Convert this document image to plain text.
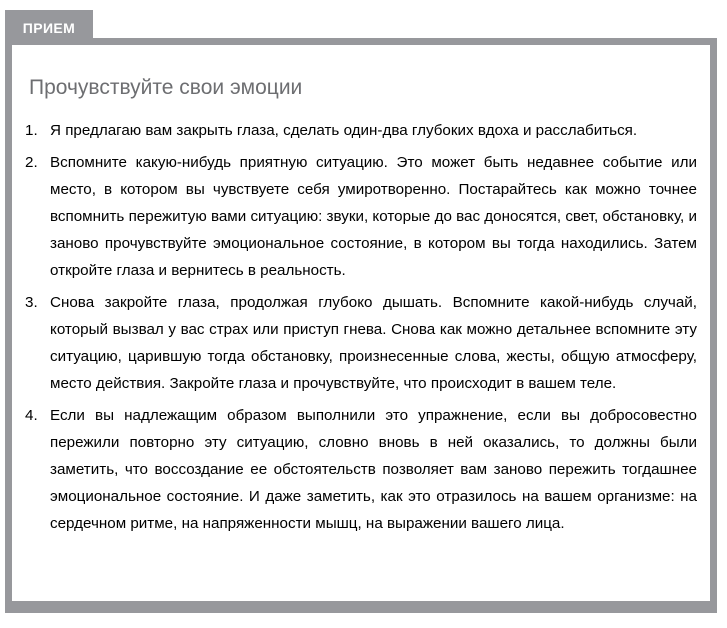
ПРИЕМ
Прочувствуйте свои эмоции
1. Я предлагаю вам закрыть глаза, сделать один-два глубоких вдоха и расслабиться.
2. Вспомните какую-нибудь приятную ситуацию. Это может быть недавнее событие или место, в котором вы чувствуете себя умиротворенно. Постарайтесь как можно точнее вспомнить пережитую вами ситуацию: звуки, которые до вас доносятся, свет, обстановку, и заново прочувствуйте эмоциональное состояние, в котором вы тогда находились. Затем откройте глаза и вернитесь в реальность.
3. Снова закройте глаза, продолжая глубоко дышать. Вспомните какой-нибудь случай, который вызвал у вас страх или приступ гнева. Снова как можно детальнее вспомните эту ситуацию, царившую тогда обстановку, произнесенные слова, жесты, общую атмосферу, место действия. Закройте глаза и прочувствуйте, что происходит в вашем теле.
4. Если вы надлежащим образом выполнили это упражнение, если вы добросовестно пережили повторно эту ситуацию, словно вновь в ней оказались, то должны были заметить, что воссоздание ее обстоятельств позволяет вам заново пережить тогдашнее эмоциональное состояние. И даже заметить, как это отразилось на вашем организме: на сердечном ритме, на напряженности мышц, на выражении вашего лица.
